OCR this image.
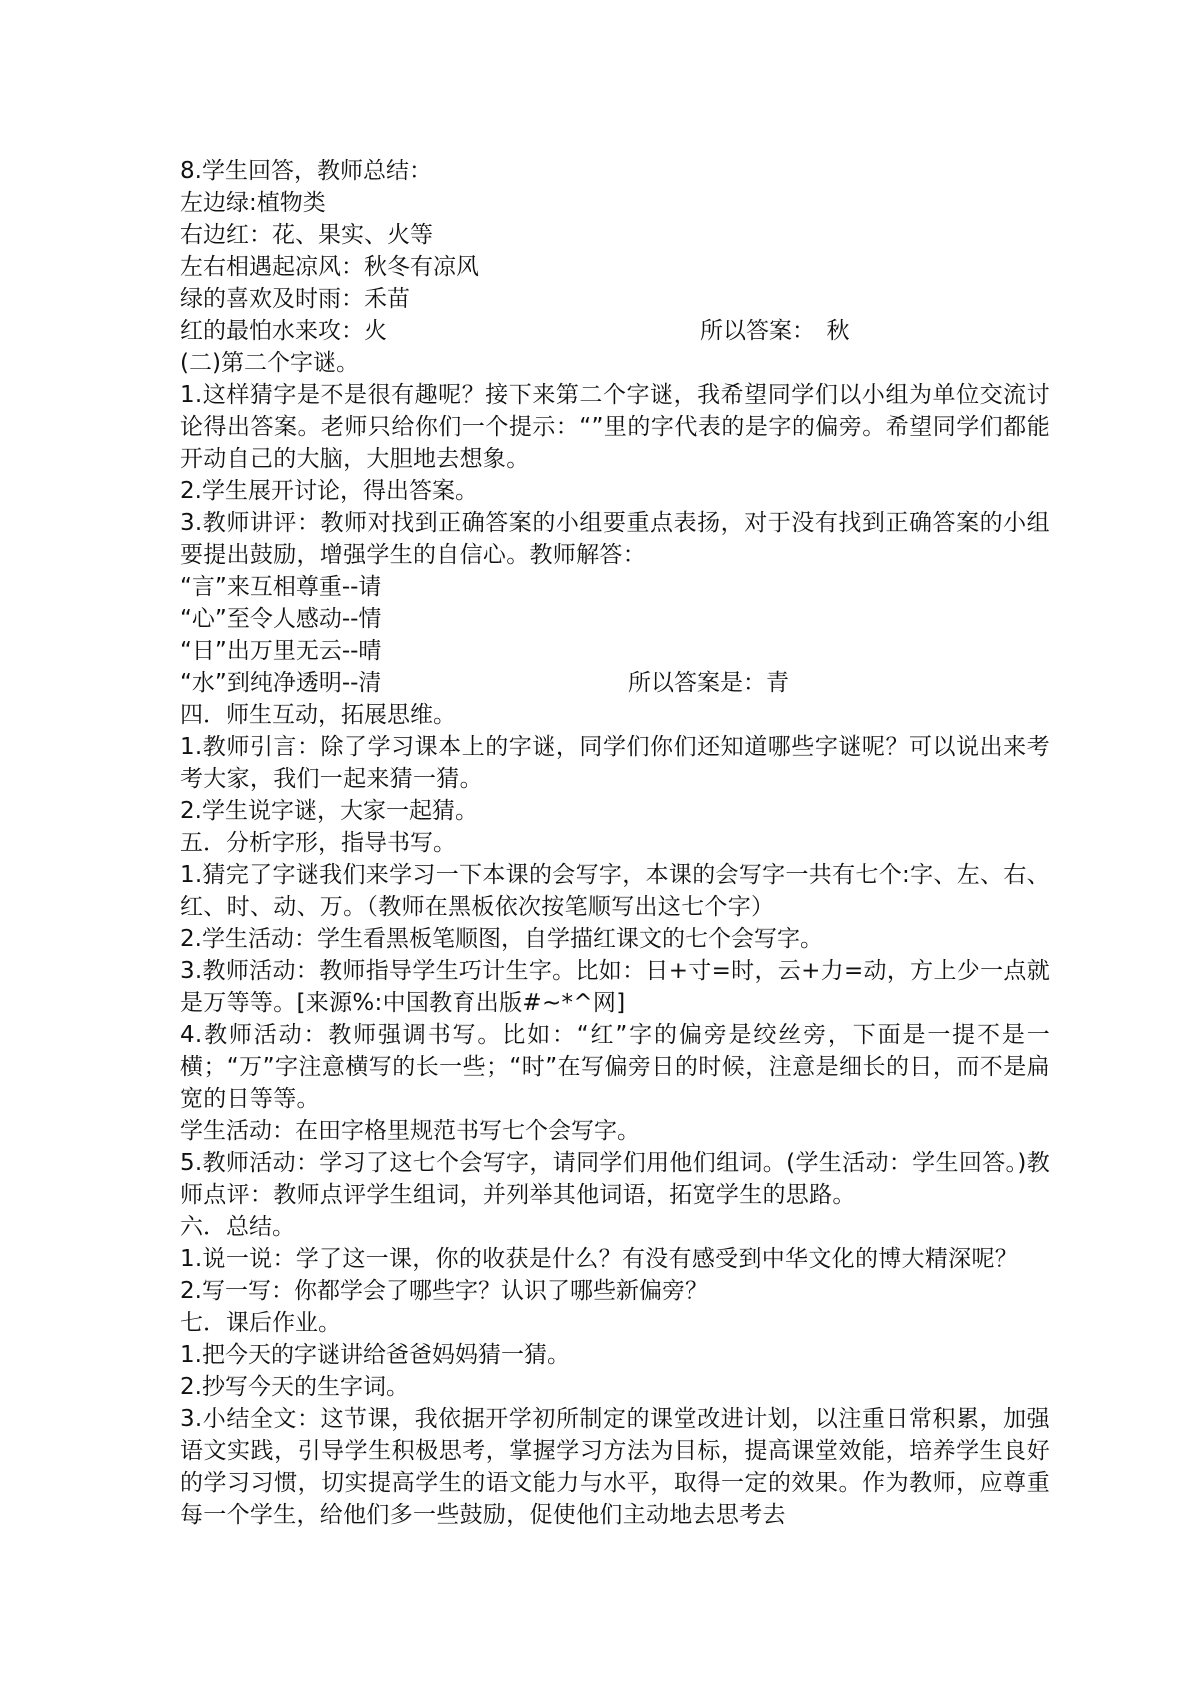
8.学生回答，教师总结：
左边绿:植物类
右边红：花、果实、火等
左右相遇起凉风：秋冬有凉风
绿的喜欢及时雨：禾苗
红的最怕水来攻：火	所以答案：　秋
(二)第二个字谜。

1.这样猜字是不是很有趣呢？接下来第二个字谜，我希望同学们以小组为单位交流讨论得出答案。老师只给你们一个提示：“”里的字代表的是字的偏旁。希望同学们都能开动自己的大脑，大胆地去想象。

2.学生展开讨论，得出答案。

3.教师讲评：教师对找到正确答案的小组要重点表扬，对于没有找到正确答案的小组要提出鼓励，增强学生的自信心。教师解答：

“言”来互相尊重--请
“心”至令人感动--情
“日”出万里无云--晴
“水”到纯净透明--清	所以答案是：青
四．师生互动，拓展思维。

1.教师引言：除了学习课本上的字谜，同学们你们还知道哪些字谜呢？可以说出来考考大家，我们一起来猜一猜。

2.学生说字谜，大家一起猜。
五．分析字形，指导书写。

1.猜完了字谜我们来学习一下本课的会写字，本课的会写字一共有七个:字、左、右、红、时、动、万。（教师在黑板依次按笔顺写出这七个字）

2.学生活动：学生看黑板笔顺图，自学描红课文的七个会写字。

3.教师活动：教师指导学生巧计生字。比如：日+寸=时，云+力=动，方上少一点就是万等等。[来源%:中国教育出版#~*^网]

4.教师活动：教师强调书写。比如：“红”字的偏旁是绞丝旁，下面是一提不是一横；“万”字注意横写的长一些；“时”在写偏旁日的时候，注意是细长的日，而不是扁宽的日等等。

学生活动：在田字格里规范书写七个会写字。

5.教师活动：学习了这七个会写字，请同学们用他们组词。(学生活动：学生回答。)教师点评：教师点评学生组词，并列举其他词语，拓宽学生的思路。

六．总结。

1.说一说：学了这一课，你的收获是什么？有没有感受到中华文化的博大精深呢？

2.写一写：你都学会了哪些字？认识了哪些新偏旁？
七．课后作业。
1.把今天的字谜讲给爸爸妈妈猜一猜。
2.抄写今天的生字词。

3.小结全文：这节课，我依据开学初所制定的课堂改进计划，以注重日常积累，加强语文实践，引导学生积极思考，掌握学习方法为目标，提高课堂效能，培养学生良好的学习习惯，切实提高学生的语文能力与水平，取得一定的效果。作为教师，应尊重每一个学生，给他们多一些鼓励，促使他们主动地去思考去
